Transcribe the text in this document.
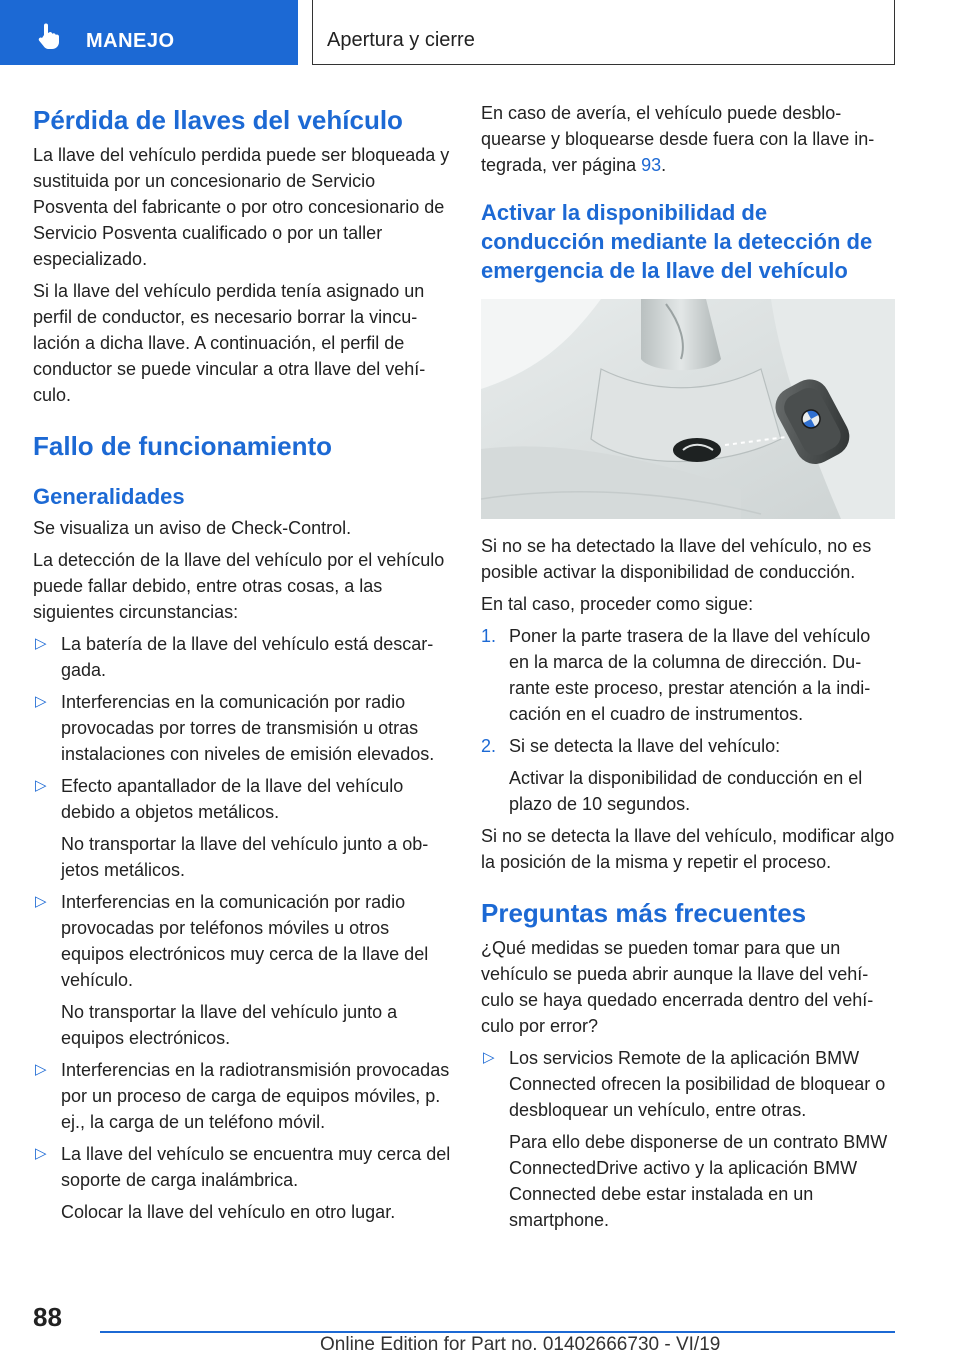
MANEJO	Apertura y cierre
Pérdida de llaves del vehículo

La llave del vehículo perdida puede ser bloqueada y sustituida por un concesionario de Servicio Posventa del fabricante o por otro concesionario de Servicio Posventa cualificado o por un taller especializado.

Si la llave del vehículo perdida tenía asignado un perfil de conductor, es necesario borrar la vinculación a dicha llave. A continuación, el perfil de conductor se puede vincular a otra llave del vehículo.

Fallo de funcionamiento
Generalidades

Se visualiza un aviso de Check-Control.

La detección de la llave del vehículo por el vehículo puede fallar debido, entre otras cosas, a las siguientes circunstancias:

▷ La batería de la llave del vehículo está descargada.
▷ Interferencias en la comunicación por radio provocadas por torres de transmisión u otras instalaciones con niveles de emisión elevados.
▷ Efecto apantallador de la llave del vehículo debido a objetos metálicos.
No transportar la llave del vehículo junto a objetos metálicos.
▷ Interferencias en la comunicación por radio provocadas por teléfonos móviles u otros equipos electrónicos muy cerca de la llave del vehículo.
No transportar la llave del vehículo junto a equipos electrónicos.
▷ Interferencias en la radiotransmisión provocadas por un proceso de carga de equipos móviles, p. ej., la carga de un teléfono móvil.
▷ La llave del vehículo se encuentra muy cerca del soporte de carga inalámbrica.
Colocar la llave del vehículo en otro lugar.

En caso de avería, el vehículo puede desbloquearse y bloquearse desde fuera con la llave integrada, ver página 93.

Activar la disponibilidad de conducción mediante la detección de emergencia de la llave del vehículo

Si no se ha detectado la llave del vehículo, no es posible activar la disponibilidad de conducción.

En tal caso, proceder como sigue:

1. Poner la parte trasera de la llave del vehículo en la marca de la columna de dirección. Durante este proceso, prestar atención a la indicación en el cuadro de instrumentos.
2. Si se detecta la llave del vehículo:
Activar la disponibilidad de conducción en el plazo de 10 segundos.

Si no se detecta la llave del vehículo, modificar algo la posición de la misma y repetir el proceso.

Preguntas más frecuentes

¿Qué medidas se pueden tomar para que un vehículo se pueda abrir aunque la llave del vehículo se haya quedado encerrada dentro del vehículo por error?

▷ Los servicios Remote de la aplicación BMW Connected ofrecen la posibilidad de bloquear o desbloquear un vehículo, entre otras.
Para ello debe disponerse de un contrato BMW ConnectedDrive activo y la aplicación BMW Connected debe estar instalada en un smartphone.
88
Online Edition for Part no. 01402666730 - VI/19
